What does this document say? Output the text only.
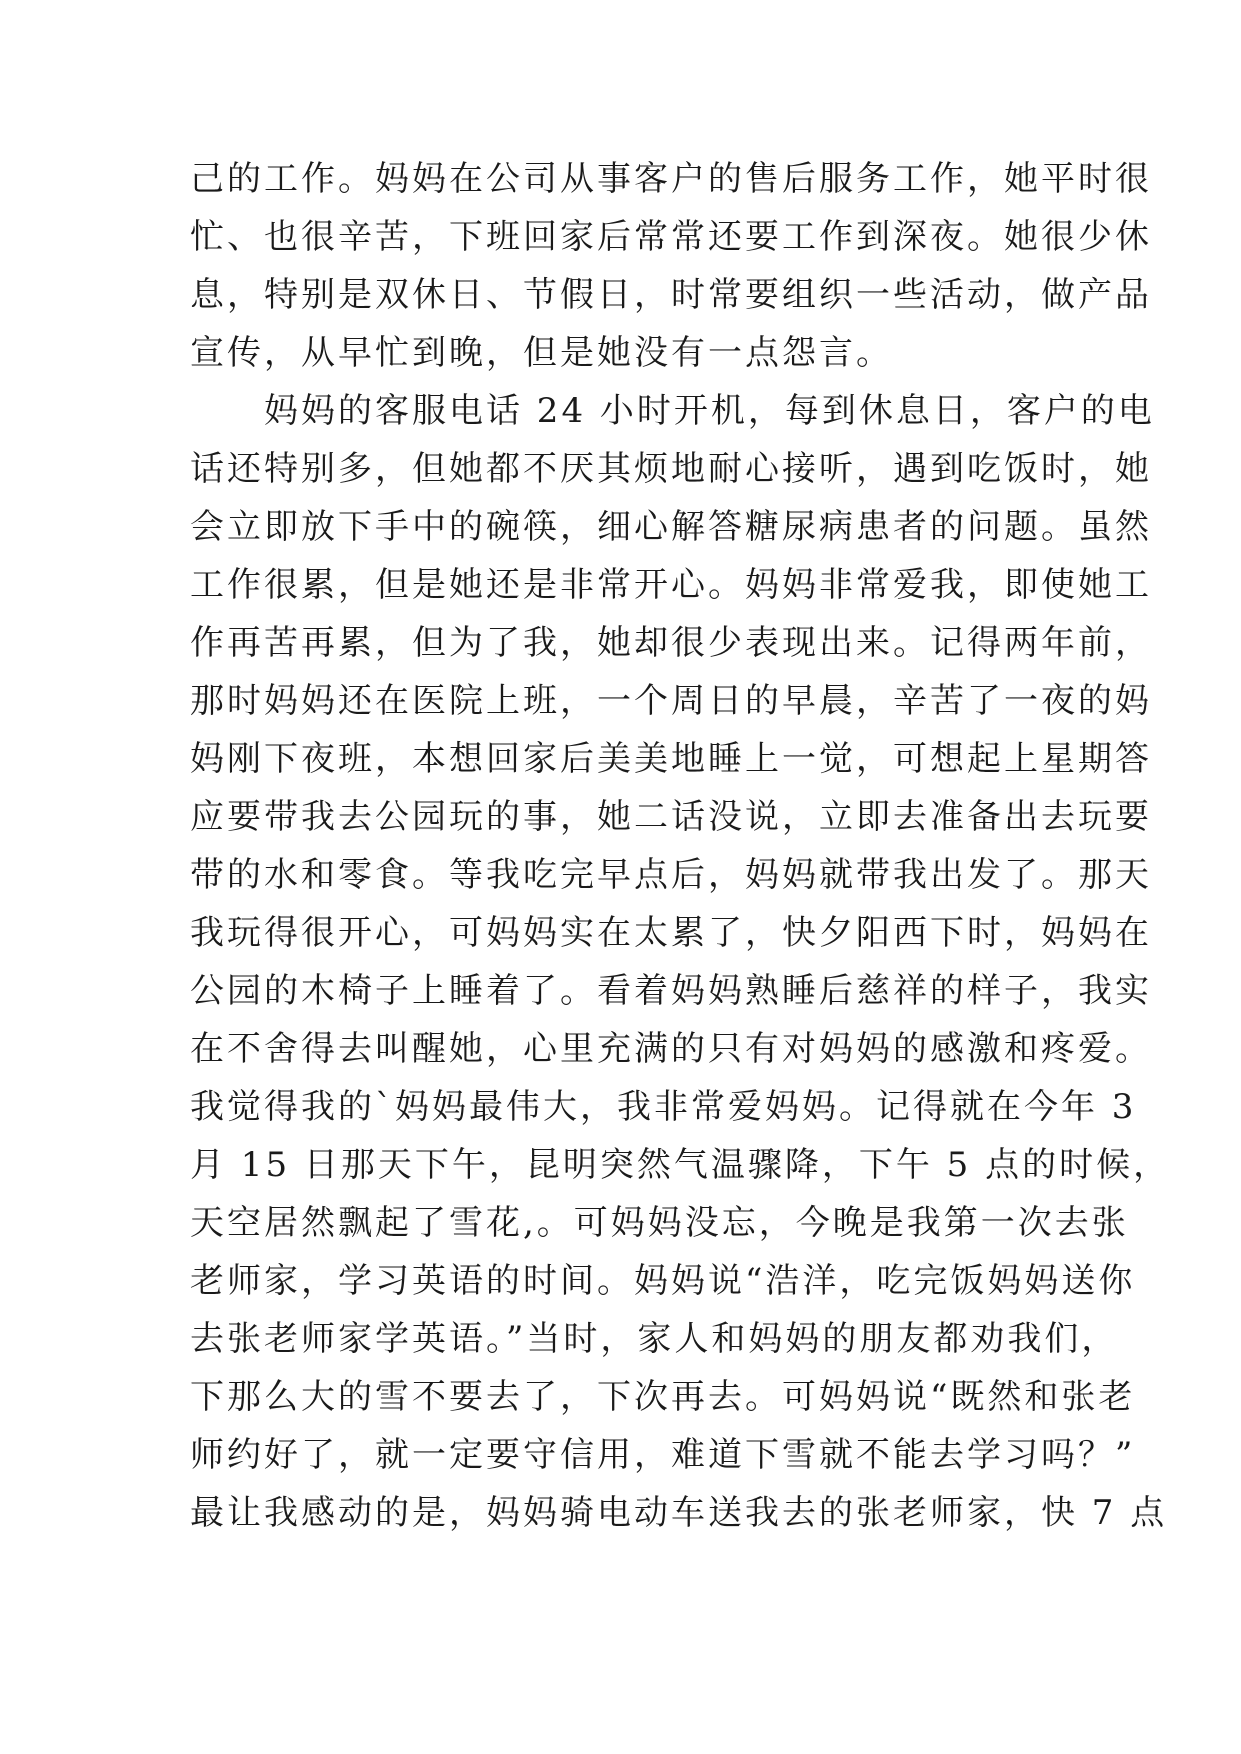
己的工作。妈妈在公司从事客户的售后服务工作，她平时很
忙、也很辛苦，下班回家后常常还要工作到深夜。她很少休
息，特别是双休日、节假日，时常要组织一些活动，做产品
宣传，从早忙到晚，但是她没有一点怨言。
　　妈妈的客服电话 24 小时开机，每到休息日，客户的电
话还特别多，但她都不厌其烦地耐心接听，遇到吃饭时，她
会立即放下手中的碗筷，细心解答糖尿病患者的问题。虽然
工作很累，但是她还是非常开心。妈妈非常爱我，即使她工
作再苦再累，但为了我，她却很少表现出来。记得两年前，
那时妈妈还在医院上班，一个周日的早晨，辛苦了一夜的妈
妈刚下夜班，本想回家后美美地睡上一觉，可想起上星期答
应要带我去公园玩的事，她二话没说，立即去准备出去玩要
带的水和零食。等我吃完早点后，妈妈就带我出发了。那天
我玩得很开心，可妈妈实在太累了，快夕阳西下时，妈妈在
公园的木椅子上睡着了。看着妈妈熟睡后慈祥的样子，我实
在不舍得去叫醒她，心里充满的只有对妈妈的感激和疼爱。
我觉得我的`妈妈最伟大，我非常爱妈妈。记得就在今年 3
月 15 日那天下午，昆明突然气温骤降，下午 5 点的时候，
天空居然飘起了雪花,。可妈妈没忘，今晚是我第一次去张
老师家，学习英语的时间。妈妈说“浩洋，吃完饭妈妈送你
去张老师家学英语。”当时，家人和妈妈的朋友都劝我们，
下那么大的雪不要去了，下次再去。可妈妈说“既然和张老
师约好了，就一定要守信用，难道下雪就不能去学习吗？”
最让我感动的是，妈妈骑电动车送我去的张老师家，快 7 点
